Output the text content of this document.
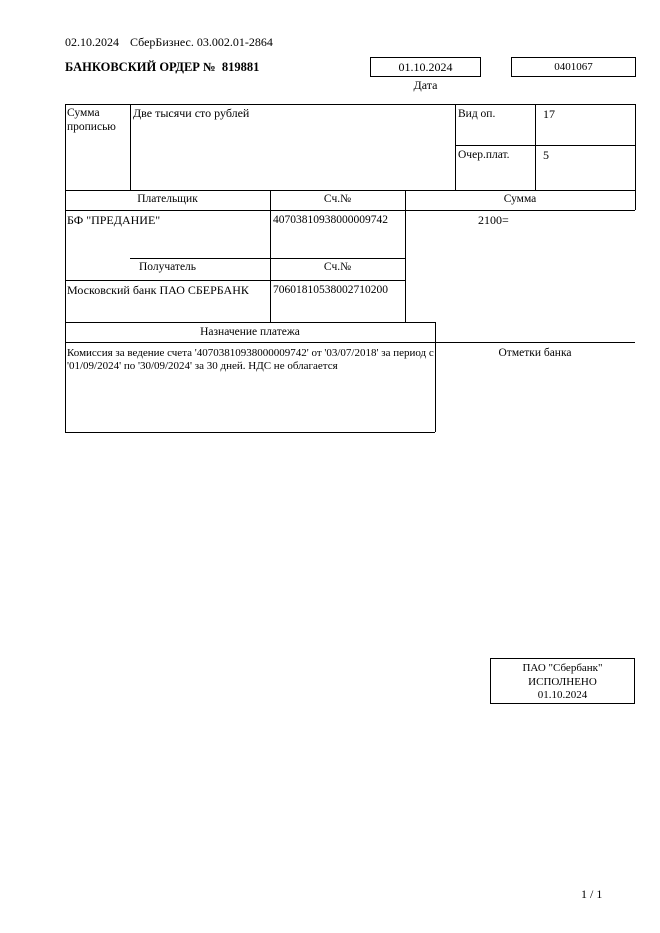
02.10.2024 СберБизнес. 03.002.01-2864
БАНКОВСКИЙ ОРДЕР №  819881	01.10.2024
Дата
0401067
Сумма прописью
Две тысячи сто рублей	Вид оп.	17
Очер.плат.	5
Плательщик	Сч.№	Сумма
БФ "ПРЕДАНИЕ"	40703810938000009742	2100=
Получатель	Сч.№
Московский банк ПАО СБЕРБАНК 70601810538002710200
Назначение платежа
Комиссия за ведение счета '40703810938000009742' от '03/07/2018' за период с '01/09/2024' по '30/09/2024' за 30 дней. НДС не облагается
Отметки банка
ПАО "Сбербанк"
ИСПОЛНЕНО
01.10.2024
1 / 1
